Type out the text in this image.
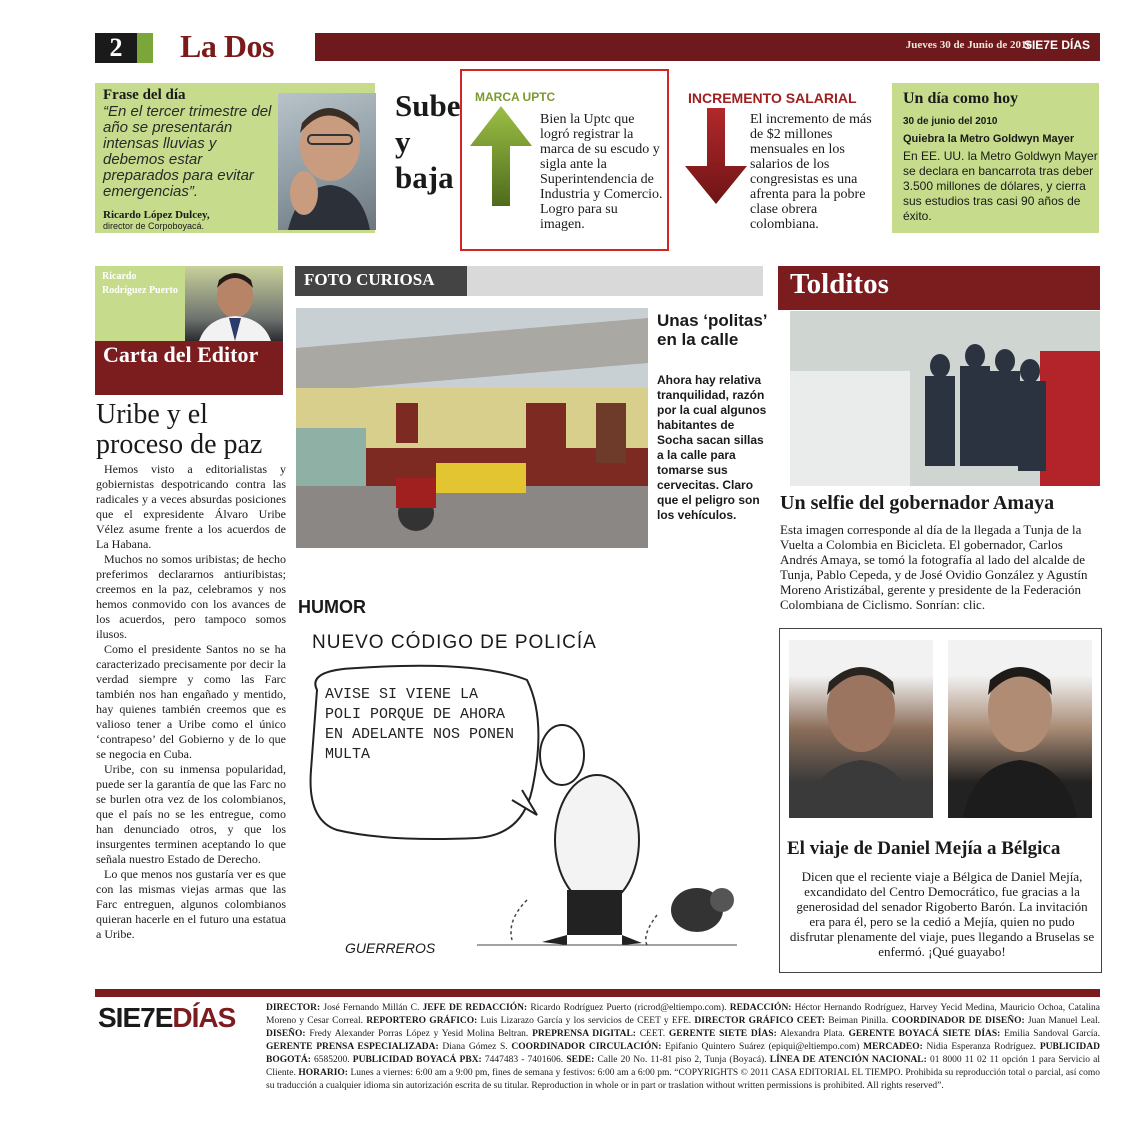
2	La Dos	Jueves 30 de Junio de 2016
SIE7E DÍAS
Frase del día
“En el tercer trimestre del año se presentarán intensas lluvias y debemos estar preparados para evitar emergencias”.
Ricardo López Dulcey,
director de Corpoboyacá.
Sube y baja
MARCA UPTC
Bien la Uptc que logró registrar la marca de su escudo y sigla ante la Superintendencia de Industria y Comercio. Logro para su imagen.
INCREMENTO SALARIAL
El incremento de más de $2 millones mensuales en los salarios de los congresistas es una afrenta para la pobre clase obrera colombiana.
Un día como hoy
30 de junio del 2010
Quiebra la Metro Goldwyn Mayer
En EE. UU. la Metro Goldwyn Mayer se declara en bancarrota tras deber 3.500 millones de dólares, y cierra sus estudios tras casi 90 años de éxito.
Ricardo Rodríguez Puerto
Carta del Editor
Uribe y el proceso de paz

Hemos visto a editorialistas y gobiernistas despotricando contra las radicales y a veces absurdas posiciones que el expresidente Álvaro Uribe Vélez asume frente a los acuerdos de La Habana.

Muchos no somos uribistas; de hecho preferimos declararnos antiuribistas; creemos en la paz, celebramos y nos hemos conmovido con los avances de los acuerdos, pero tampoco somos ilusos.

Como el presidente Santos no se ha caracterizado precisamente por decir la verdad siempre y como las Farc también nos han engañado y mentido, hay quienes también creemos que es valioso tener a Uribe como el único ‘contrapeso’ del Gobierno y de lo que se negocia en Cuba.

Uribe, con su inmensa popularidad, puede ser la garantía de que las Farc no se burlen otra vez de los colombianos, que el país no se les entregue, como han denunciado otros, y que los insurgentes terminen aceptando lo que señala nuestro Estado de Derecho.

Lo que menos nos gustaría ver es que con las mismas viejas armas que las Farc entreguen, algunos colombianos quieran hacerle en el futuro una estatua a Uribe.

FOTO CURIOSA
Unas ‘politas’ en la calle
Ahora hay relativa tranquilidad, razón por la cual algunos habitantes de Socha sacan sillas a la calle para tomarse sus cervecitas. Claro que el peligro son los vehículos.
HUMOR
NUEVO CÓDIGO DE POLICÍA
AVISE SI VIENE LA POLI PORQUE DE AHORA EN ADELANTE NOS PONEN MULTA
GUERREROS
Tolditos
Un selfie del gobernador Amaya
Esta imagen corresponde al día de la llegada a Tunja de la Vuelta a Colombia en Bicicleta. El gobernador, Carlos Andrés Amaya, se tomó la fotografía al lado del alcalde de Tunja, Pablo Cepeda, y de José Ovidio González y Agustín Moreno Aristizábal, gerente y presidente de la Federación Colombiana de Ciclismo. Sonrían: clic.
El viaje de Daniel Mejía a Bélgica
Dicen que el reciente viaje a Bélgica de Daniel Mejía, excandidato del Centro Democrático, fue gracias a la generosidad del senador Rigoberto Barón. La invitación era para él, pero se la cedió a Mejía, quien no pudo disfrutar plenamente del viaje, pues llegando a Bruselas se enfermó. ¡Qué guayabo!
SIE7EDÍAS	DIRECTOR: José Fernando Millán C. JEFE DE REDACCIÓN: Ricardo Rodríguez Puerto (ricrod@eltiempo.com). REDACCIÓN: Héctor Hernando Rodríguez, Harvey Yecid Medina, Mauricio Ochoa, Catalina Moreno y Cesar Correal. REPORTERO GRÁFICO: Luis Lizarazo García y los servicios de CEET y EFE. DIRECTOR GRÁFICO CEET: Beiman Pinilla. COORDINADOR DE DISEÑO: Juan Manuel Leal. DISEÑO: Fredy Alexander Porras López y Yesid Molina Beltran. PREPRENSA DIGITAL: CEET. GERENTE SIETE DÍAS: Alexandra Plata. GERENTE BOYACÁ SIETE DÍAS: Emilia Sandoval García. GERENTE PRENSA ESPECIALIZADA: Diana Gómez S. COORDINADOR CIRCULACIÓN: Epifanio Quintero Suárez (epiqui@eltiempo.com) MERCADEO: Nidia Esperanza Rodríguez. PUBLICIDAD BOGOTÁ: 6585200. PUBLICIDAD BOYACÁ PBX: 7447483 - 7401606. SEDE: Calle 20 No. 11-81 piso 2, Tunja (Boyacá). LÍNEA DE ATENCIÓN NACIONAL: 01 8000 11 02 11 opción 1 para Servicio al Cliente. HORARIO: Lunes a viernes: 6:00 am a 9:00 pm, fines de semana y festivos: 6:00 am a 6:00 pm. “COPYRIGHTS © 2011 CASA EDITORIAL EL TIEMPO. Prohibida su reproducción total o parcial, así como su traducción a cualquier idioma sin autorización escrita de su titular. Reproduction in whole or in part or traslation without written permissions is prohibited. All rights reserved”.
